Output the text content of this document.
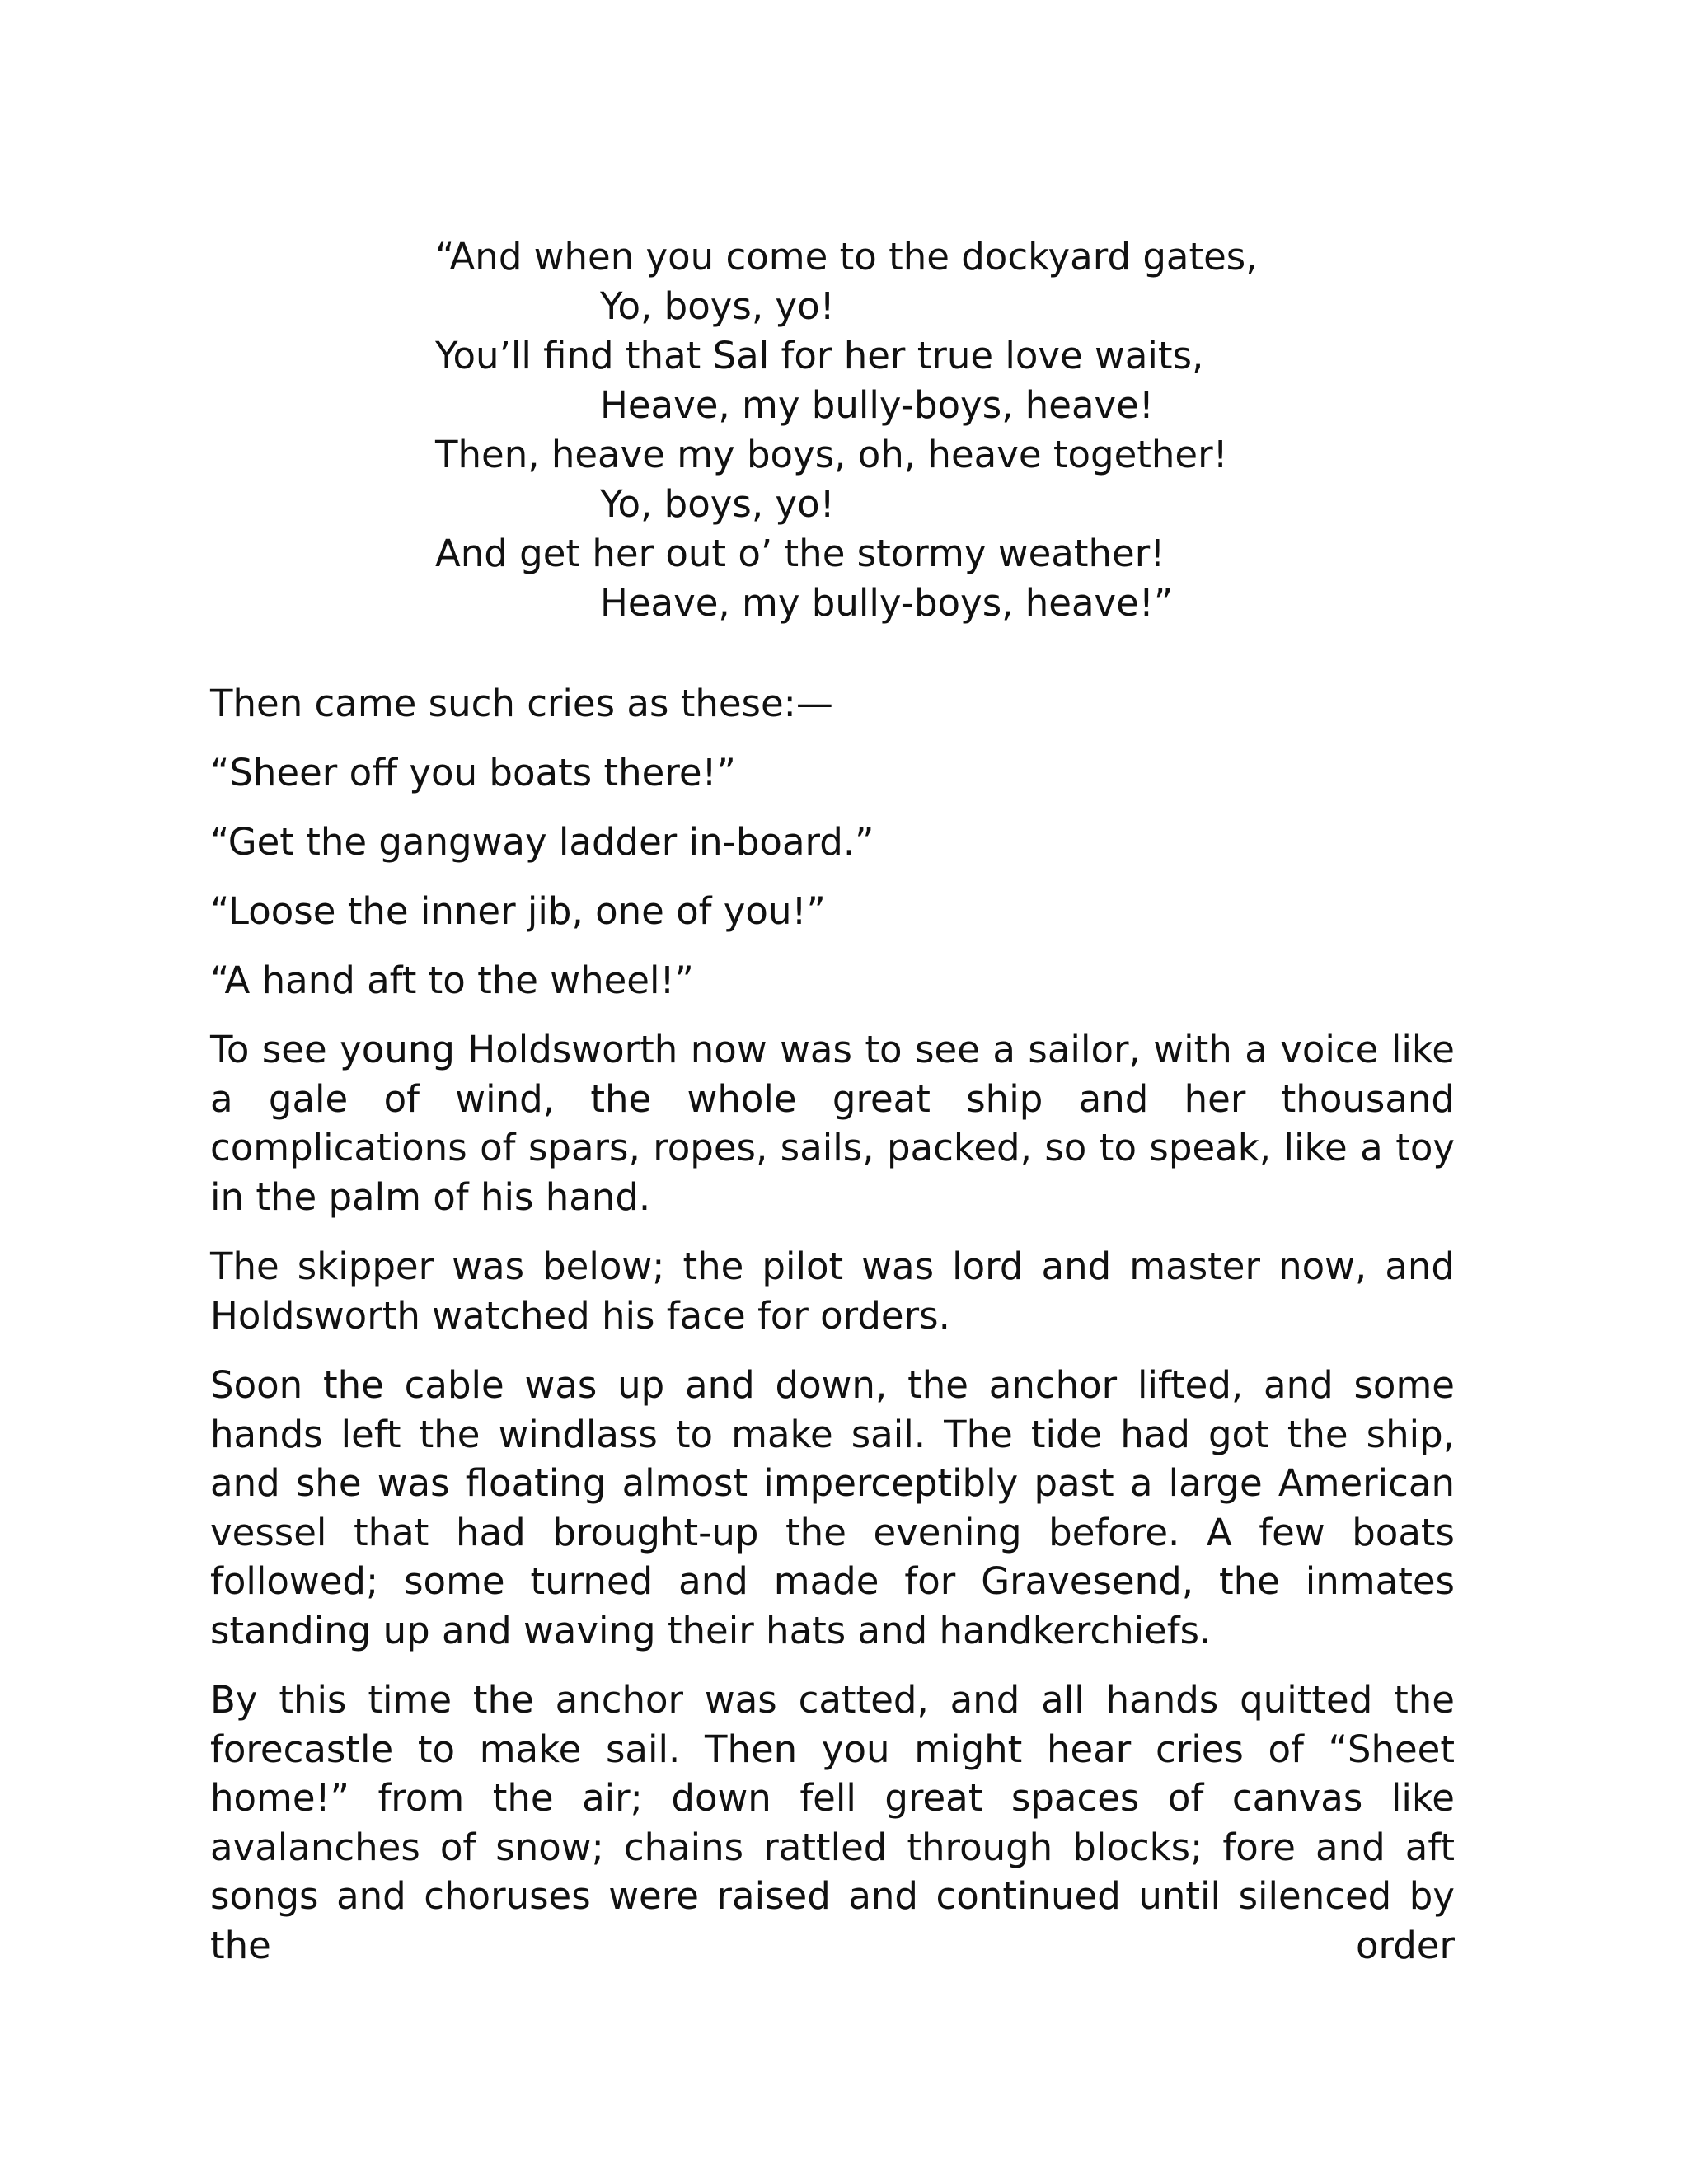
“And when you come to the dockyard gates,
Yo, boys, yo!
You’ll find that Sal for her true love waits,
Heave, my bully-boys, heave!
Then, heave my boys, oh, heave together!
Yo, boys, yo!
And get her out o’ the stormy weather!
Heave, my bully-boys, heave!”

Then came such cries as these:—

“Sheer off you boats there!”

“Get the gangway ladder in-board.”

“Loose the inner jib, one of you!”

“A hand aft to the wheel!”

To see young Holdsworth now was to see a sailor, with a voice like a gale of wind, the whole great ship and her thousand complications of spars, ropes, sails, packed, so to speak, like a toy in the palm of his hand.

The skipper was below; the pilot was lord and master now, and Holdsworth watched his face for orders.

Soon the cable was up and down, the anchor lifted, and some hands left the windlass to make sail. The tide had got the ship, and she was floating almost imperceptibly past a large American vessel that had brought-up the evening before. A few boats followed; some turned and made for Gravesend, the inmates standing up and waving their hats and handkerchiefs.

By this time the anchor was catted, and all hands quitted the forecastle to make sail. Then you might hear cries of “Sheet home!” from the air; down fell great spaces of canvas like avalanches of snow; chains rattled through blocks; fore and aft songs and choruses were raised and continued until silenced by the order
